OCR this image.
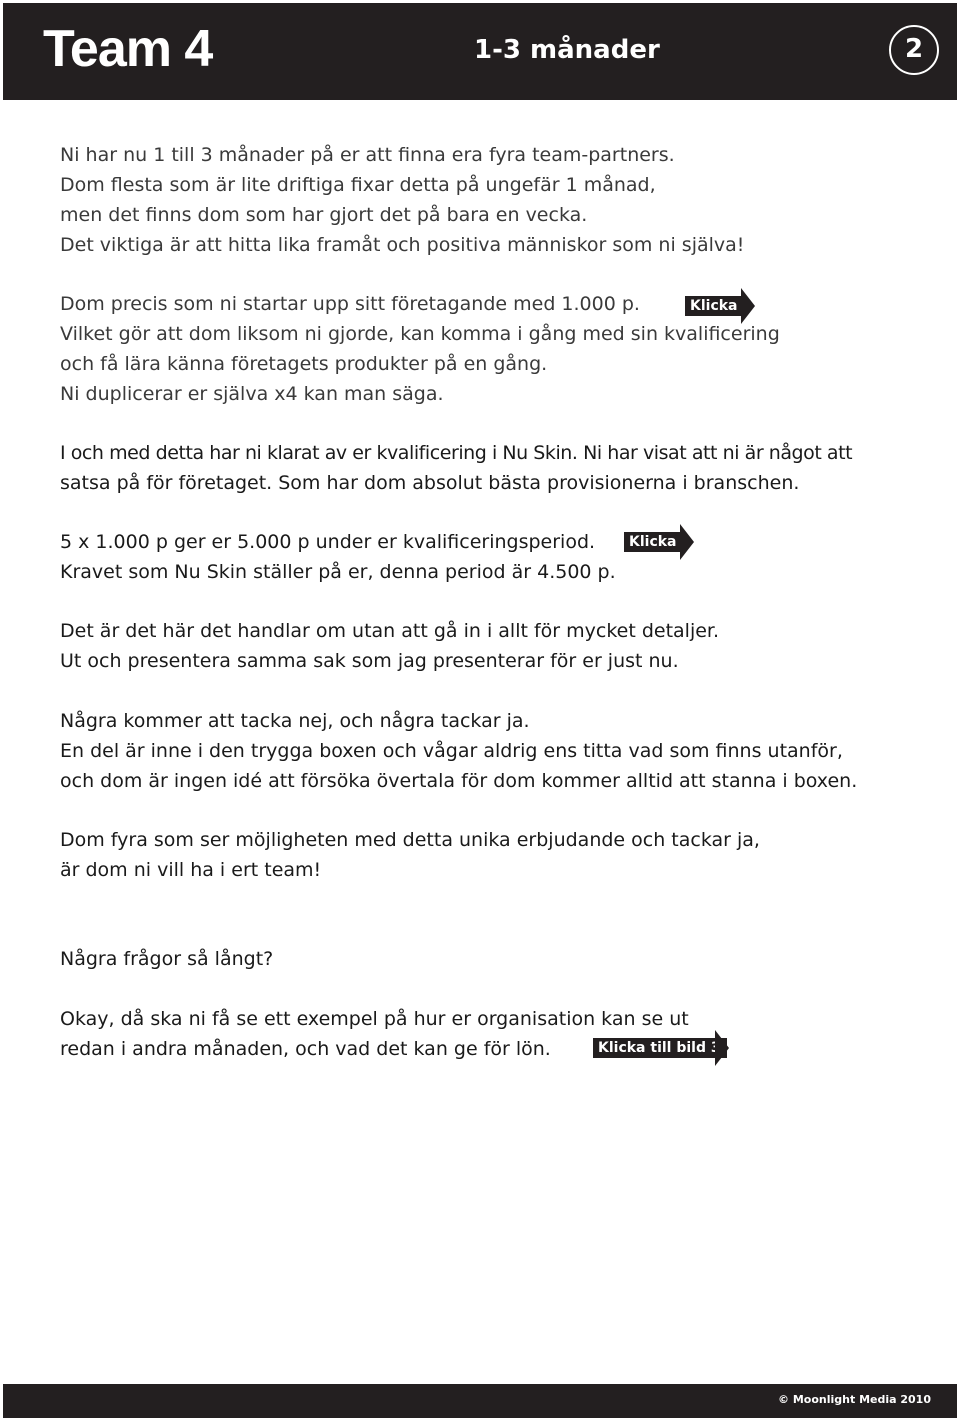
Team 4	1-3 månader	2
Ni har nu 1 till 3 månader på er att finna era fyra team-partners.
Dom flesta som är lite driftiga fixar detta på ungefär 1 månad,
men det finns dom som har gjort det på bara en vecka.
Det viktiga är att hitta lika framåt och positiva människor som ni själva!
Dom precis som ni startar upp sitt företagande med 1.000 p.
Vilket gör att dom liksom ni gjorde, kan komma i gång med sin kvalificering
och få lära känna företagets produkter på en gång.
Ni duplicerar er själva x4 kan man säga.
I och med detta har ni klarat av er kvalificering i Nu Skin. Ni har visat att ni är något att
satsa på för företaget. Som har dom absolut bästa provisionerna i branschen.
5 x 1.000 p ger er 5.000 p under er kvalificeringsperiod.
Kravet som Nu Skin ställer på er, denna period är 4.500 p.
Det är det här det handlar om utan att gå in i allt för mycket detaljer.
Ut och presentera samma sak som jag presenterar för er just nu.
Några kommer att tacka nej, och några tackar ja.
En del är inne i den trygga boxen och vågar aldrig ens titta vad som finns utanför,
och dom är ingen idé att försöka övertala för dom kommer alltid att stanna i boxen.
Dom fyra som ser möjligheten med detta unika erbjudande och tackar ja,
är dom ni vill ha i ert team!
Några frågor så långt?
Okay, då ska ni få se ett exempel på hur er organisation kan se ut
redan i andra månaden, och vad det kan ge för lön.
Klicka
Klicka
Klicka till bild 3
© Moonlight Media 2010
